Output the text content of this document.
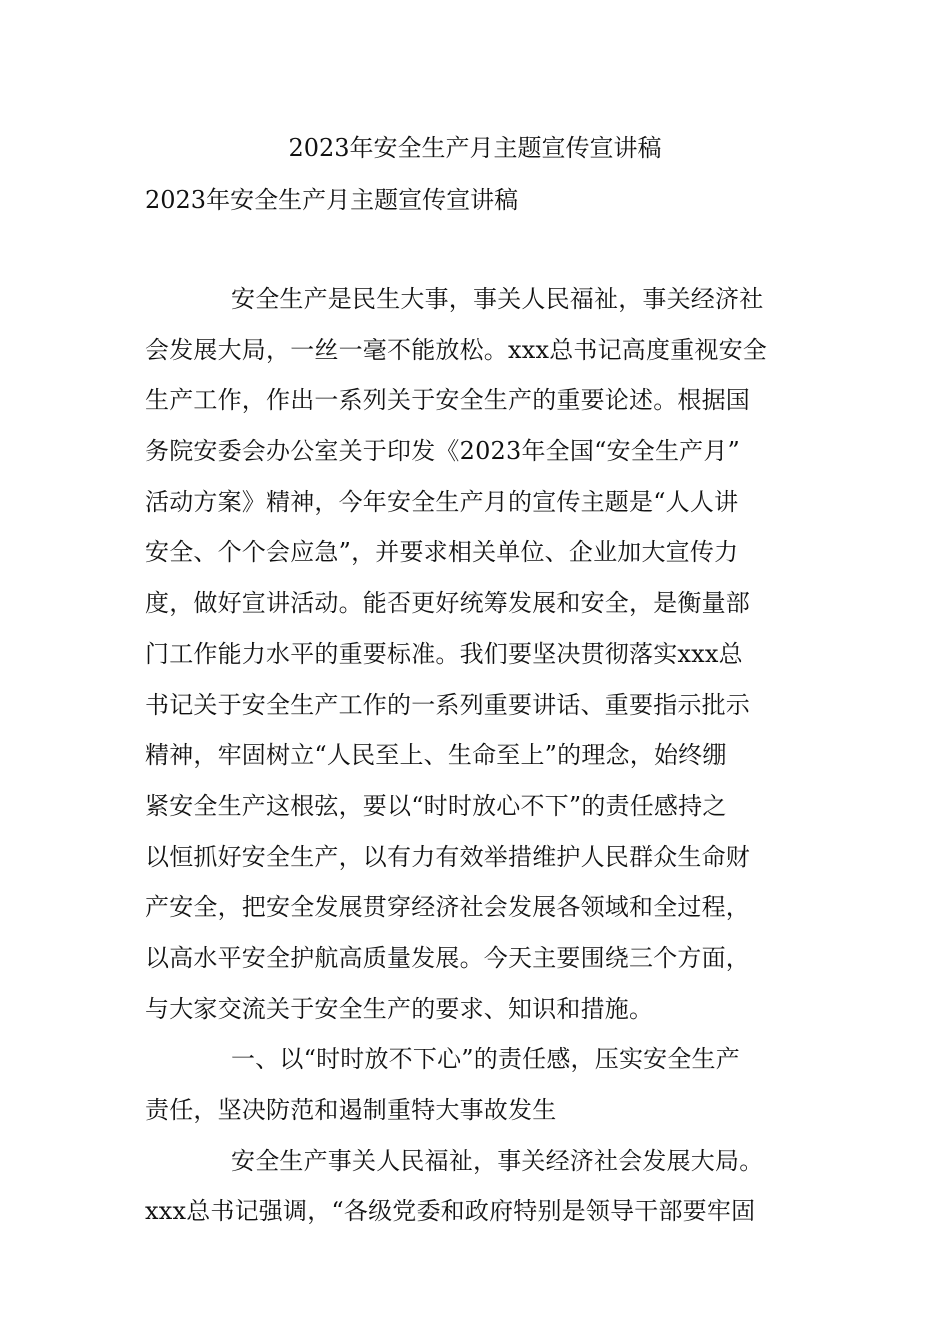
2023年安全生产月主题宣传宣讲稿
2023年安全生产月主题宣传宣讲稿
安全生产是民生大事，事关人民福祉，事关经济社
会发展大局，一丝一毫不能放松。xxx总书记高度重视安全
生产工作，作出一系列关于安全生产的重要论述。根据国
务院安委会办公室关于印发《2023年全国“安全生产月”
活动方案》精神，今年安全生产月的宣传主题是“人人讲
安全、个个会应急”，并要求相关单位、企业加大宣传力
度，做好宣讲活动。能否更好统筹发展和安全，是衡量部
门工作能力水平的重要标准。我们要坚决贯彻落实xxx总
书记关于安全生产工作的一系列重要讲话、重要指示批示
精神，牢固树立“人民至上、生命至上”的理念，始终绷
紧安全生产这根弦，要以“时时放心不下”的责任感持之
以恒抓好安全生产，以有力有效举措维护人民群众生命财
产安全，把安全发展贯穿经济社会发展各领域和全过程，
以高水平安全护航高质量发展。今天主要围绕三个方面，
与大家交流关于安全生产的要求、知识和措施。
一、以“时时放不下心”的责任感，压实安全生产
责任，坚决防范和遏制重特大事故发生
安全生产事关人民福祉，事关经济社会发展大局。
xxx总书记强调，“各级党委和政府特别是领导干部要牢固
